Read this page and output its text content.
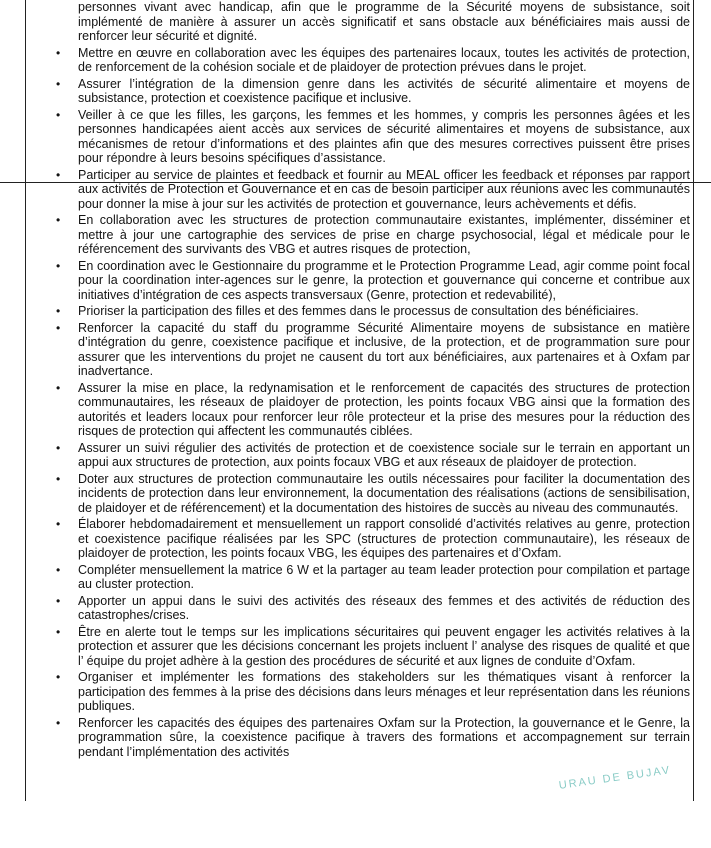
personnes vivant avec handicap, afin que le programme de la Sécurité moyens de subsistance, soit implémenté de manière à assurer un accès significatif et sans obstacle aux bénéficiaires mais aussi de renforcer leur sécurité et dignité.
• Mettre en œuvre en collaboration avec les équipes des partenaires locaux, toutes les activités de protection, de renforcement de la cohésion sociale et de plaidoyer de protection prévues dans le projet.
• Assurer l’intégration de la dimension genre dans les activités de sécurité alimentaire et moyens de subsistance, protection et coexistence pacifique et inclusive.
• Veiller à ce que les filles, les garçons, les femmes et les hommes, y compris les personnes âgées et les personnes handicapées aient accès aux services de sécurité alimentaires et moyens de subsistance, aux mécanismes de retour d’informations et des plaintes afin que des mesures correctives puissent être prises pour répondre à leurs besoins spécifiques d’assistance.
• Participer au service de plaintes et feedback et fournir au MEAL officer les feedback et réponses par rapport aux activités de Protection et Gouvernance et en cas de besoin participer aux réunions avec les communautés pour donner la mise à jour sur les activités de protection et gouvernance, leurs achèvements et défis.
• En collaboration avec les structures de protection communautaire existantes, implémenter, disséminer et mettre à jour une cartographie des services de prise en charge psychosocial, légal et médicale pour le référencement des survivants des VBG et autres risques de protection,
• En coordination avec le Gestionnaire du programme et le Protection Programme Lead, agir comme point focal pour la coordination inter-agences sur le genre, la protection et gouvernance qui concerne et contribue aux initiatives d’intégration de ces aspects transversaux (Genre, protection et redevabilité),
• Prioriser la participation des filles et des femmes dans le processus de consultation des bénéficiaires.
• Renforcer la capacité du staff du programme Sécurité Alimentaire moyens de subsistance en matière d’intégration du genre, coexistence pacifique et inclusive, de la protection, et de programmation sure pour assurer que les interventions du projet ne causent du tort aux bénéficiaires, aux partenaires et à Oxfam par inadvertance.
• Assurer la mise en place, la redynamisation et le renforcement de capacités des structures de protection communautaires, les réseaux de plaidoyer de protection, les points focaux VBG ainsi que la formation des autorités et leaders locaux pour renforcer leur rôle protecteur et la prise des mesures pour la réduction des risques de protection qui affectent les communautés ciblées.
• Assurer un suivi régulier des activités de protection et de coexistence sociale sur le terrain en apportant un appui aux structures de protection, aux points focaux VBG et aux réseaux de plaidoyer de protection.
• Doter aux structures de protection communautaire les outils nécessaires pour faciliter la documentation des incidents de protection dans leur environnement, la documentation des réalisations (actions de sensibilisation, de plaidoyer et de référencement) et la documentation des histoires de succès au niveau des communautés.
• Élaborer hebdomadairement et mensuellement un rapport consolidé d’activités relatives au genre, protection et coexistence pacifique réalisées par les SPC (structures de protection communautaire), les réseaux de plaidoyer de protection, les points focaux VBG, les équipes des partenaires et d’Oxfam.
• Compléter mensuellement la matrice 6 W et la partager au team leader protection pour compilation et partage au cluster protection.
• Apporter un appui dans le suivi des activités des réseaux des femmes et des activités de réduction des catastrophes/crises.
• Être en alerte tout le temps sur les implications sécuritaires qui peuvent engager les activités relatives à la protection et assurer que les décisions concernant les projets incluent l’ analyse des risques de qualité et que l’ équipe du projet adhère à la gestion des procédures de sécurité et aux lignes de conduite d’Oxfam.
• Organiser et implémenter les formations des stakeholders sur les thématiques visant à renforcer la participation des femmes à la prise des décisions dans leurs ménages et leur représentation dans les réunions publiques.
• Renforcer les capacités des équipes des partenaires Oxfam sur la Protection, la gouvernance et le Genre, la programmation sûre, la coexistence pacifique à travers des formations et accompagnement sur terrain pendant l’implémentation des activités
URAU DE BUJAV
